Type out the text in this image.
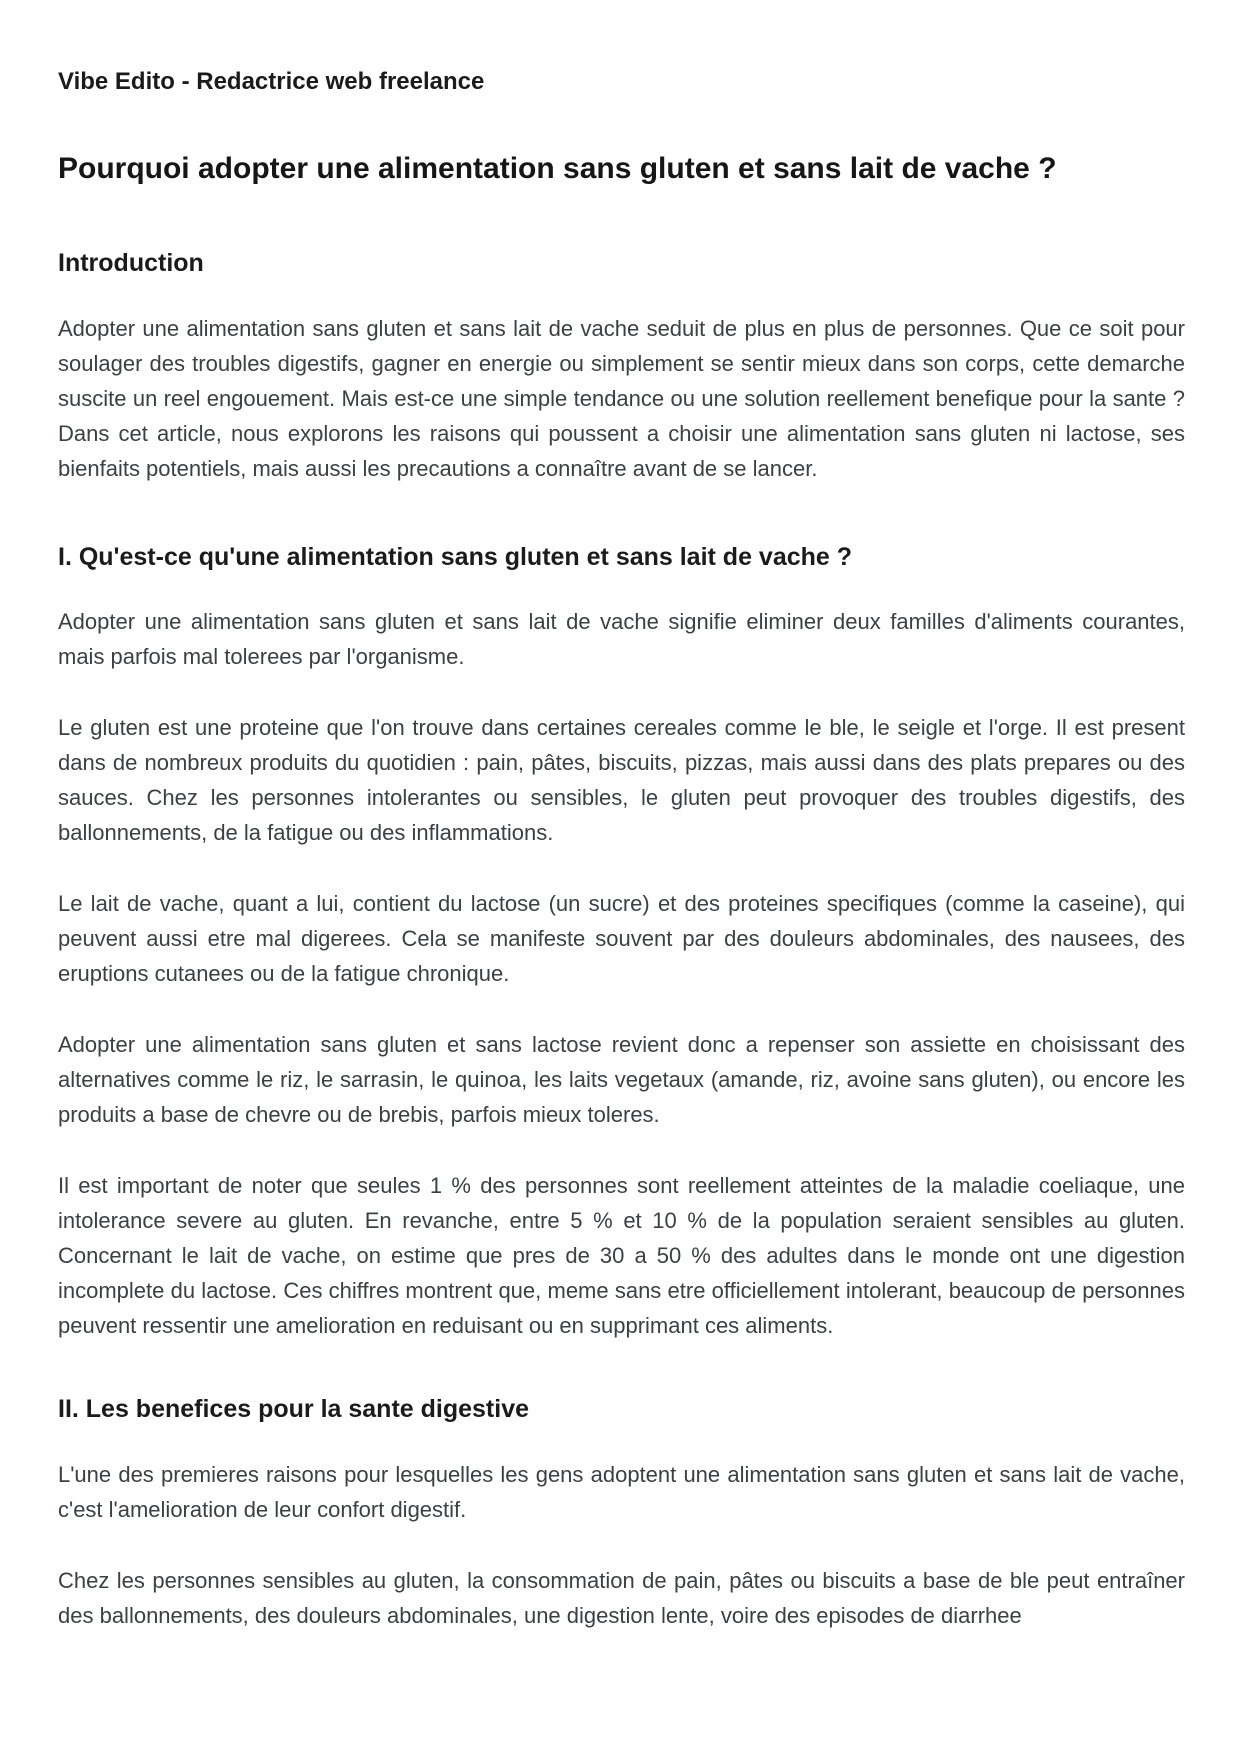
Vibe Edito - Redactrice web freelance
Pourquoi adopter une alimentation sans gluten et sans lait de vache ?
Introduction

Adopter une alimentation sans gluten et sans lait de vache seduit de plus en plus de personnes. Que ce soit pour soulager des troubles digestifs, gagner en energie ou simplement se sentir mieux dans son corps, cette demarche suscite un reel engouement. Mais est-ce une simple tendance ou une solution reellement benefique pour la sante ? Dans cet article, nous explorons les raisons qui poussent a choisir une alimentation sans gluten ni lactose, ses bienfaits potentiels, mais aussi les precautions a connaître avant de se lancer.

I. Qu'est-ce qu'une alimentation sans gluten et sans lait de vache ?

Adopter une alimentation sans gluten et sans lait de vache signifie eliminer deux familles d'aliments courantes, mais parfois mal tolerees par l'organisme.

Le gluten est une proteine que l'on trouve dans certaines cereales comme le ble, le seigle et l'orge. Il est present dans de nombreux produits du quotidien : pain, pâtes, biscuits, pizzas, mais aussi dans des plats prepares ou des sauces. Chez les personnes intolerantes ou sensibles, le gluten peut provoquer des troubles digestifs, des ballonnements, de la fatigue ou des inflammations.

Le lait de vache, quant a lui, contient du lactose (un sucre) et des proteines specifiques (comme la caseine), qui peuvent aussi etre mal digerees. Cela se manifeste souvent par des douleurs abdominales, des nausees, des eruptions cutanees ou de la fatigue chronique.

Adopter une alimentation sans gluten et sans lactose revient donc a repenser son assiette en choisissant des alternatives comme le riz, le sarrasin, le quinoa, les laits vegetaux (amande, riz, avoine sans gluten), ou encore les produits a base de chevre ou de brebis, parfois mieux toleres.

Il est important de noter que seules 1 % des personnes sont reellement atteintes de la maladie coeliaque, une intolerance severe au gluten. En revanche, entre 5 % et 10 % de la population seraient sensibles au gluten. Concernant le lait de vache, on estime que pres de 30 a 50 % des adultes dans le monde ont une digestion incomplete du lactose. Ces chiffres montrent que, meme sans etre officiellement intolerant, beaucoup de personnes peuvent ressentir une amelioration en reduisant ou en supprimant ces aliments.

II. Les benefices pour la sante digestive

L'une des premieres raisons pour lesquelles les gens adoptent une alimentation sans gluten et sans lait de vache, c'est l'amelioration de leur confort digestif.

Chez les personnes sensibles au gluten, la consommation de pain, pâtes ou biscuits a base de ble peut entraîner des ballonnements, des douleurs abdominales, une digestion lente, voire des episodes de diarrhee
